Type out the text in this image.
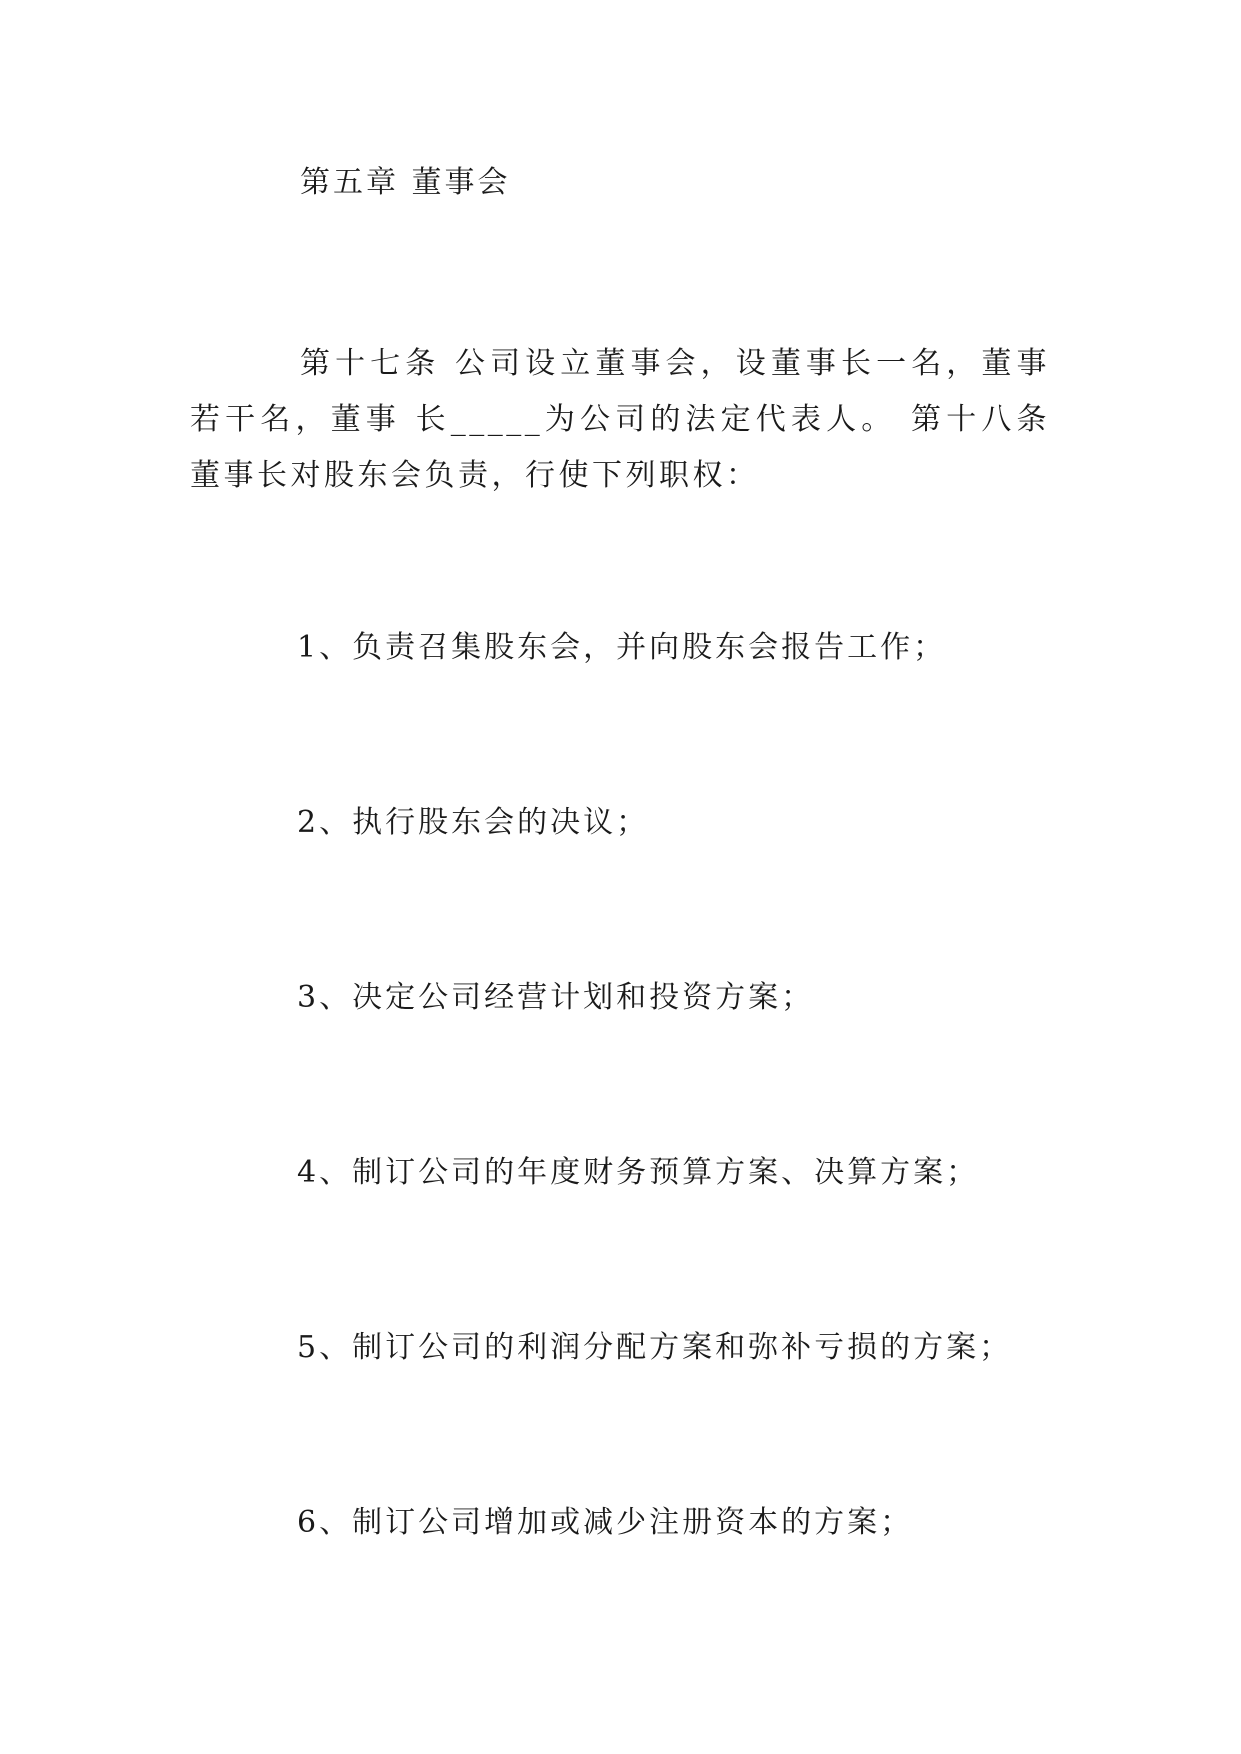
第五章 董事会
第十七条 公司设立董事会，设董事长一名，董事若干名，董事 长_____为公司的法定代表人。 第十八条 董事长对股东会负责，行使下列职权：
1、负责召集股东会，并向股东会报告工作；
2、执行股东会的决议；
3、决定公司经营计划和投资方案；
4、制订公司的年度财务预算方案、决算方案；
5、制订公司的利润分配方案和弥补亏损的方案；
6、制订公司增加或减少注册资本的方案；
